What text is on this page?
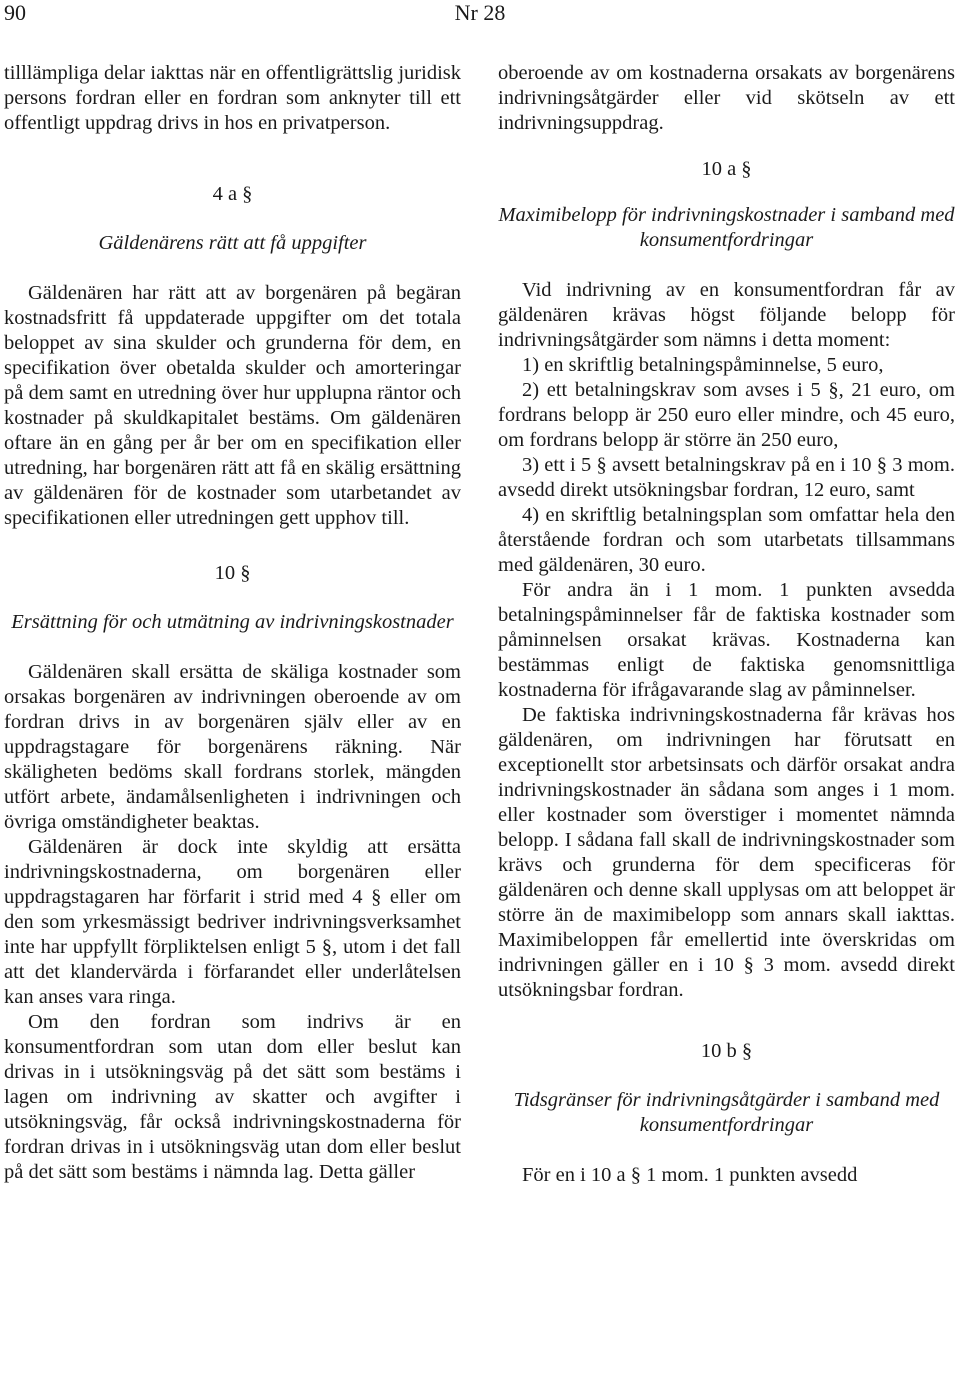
90	Nr 28

tilllämpliga delar iakttas när en offentligrättslig juridisk persons fordran eller en fordran som anknyter till ett offentligt uppdrag drivs in hos en privatperson.

4 a §

Gäldenärens rätt att få uppgifter

Gäldenären har rätt att av borgenären på begäran kostnadsfritt få uppdaterade uppgifter om det totala beloppet av sina skulder och grunderna för dem, en specifikation över obetalda skulder och amorteringar på dem samt en utredning över hur upplupna räntor och kostnader på skuldkapitalet bestäms. Om gäldenären oftare än en gång per år ber om en specifikation eller utredning, har borgenären rätt att få en skälig ersättning av gäldenären för de kostnader som utarbetandet av specifikationen eller utredningen gett upphov till.

10 §

Ersättning för och utmätning av indrivningskostnader

Gäldenären skall ersätta de skäliga kostnader som orsakas borgenären av indrivningen oberoende av om fordran drivs in av borgenären själv eller av en uppdragstagare för borgenärens räkning. När skäligheten bedöms skall fordrans storlek, mängden utfört arbete, ändamålsenligheten i indrivningen och övriga omständigheter beaktas.

Gäldenären är dock inte skyldig att ersätta indrivningskostnaderna, om borgenären eller uppdragstagaren har förfarit i strid med 4 § eller om den som yrkesmässigt bedriver indrivningsverksamhet inte har uppfyllt förpliktelsen enligt 5 §, utom i det fall att det klandervärda i förfarandet eller underlåtelsen kan anses vara ringa.

Om den fordran som indrivs är en konsumentfordran som utan dom eller beslut kan drivas in i utsökningsväg på det sätt som bestäms i lagen om indrivning av skatter och avgifter i utsökningsväg, får också indrivningskostnaderna för fordran drivas in i utsökningsväg utan dom eller beslut på det sätt som bestäms i nämnda lag. Detta gäller

oberoende av om kostnaderna orsakats av borgenärens indrivningsåtgärder eller vid skötseln av ett indrivningsuppdrag.

10 a §

Maximibelopp för indrivningskostnader i samband med konsumentfordringar

Vid indrivning av en konsumentfordran får av gäldenären krävas högst följande belopp för indrivningsåtgärder som nämns i detta moment:

1) en skriftlig betalningspåminnelse, 5 euro,

2) ett betalningskrav som avses i 5 §, 21 euro, om fordrans belopp är 250 euro eller mindre, och 45 euro, om fordrans belopp är större än 250 euro,

3) ett i 5 § avsett betalningskrav på en i 10 § 3 mom. avsedd direkt utsökningsbar fordran, 12 euro, samt

4) en skriftlig betalningsplan som omfattar hela den återstående fordran och som utarbetats tillsammans med gäldenären, 30 euro.

För andra än i 1 mom. 1 punkten avsedda betalningspåminnelser får de faktiska kostnader som påminnelsen orsakat krävas. Kostnaderna kan bestämmas enligt de faktiska genomsnittliga kostnaderna för ifrågavarande slag av påminnelser.

De faktiska indrivningskostnaderna får krävas hos gäldenären, om indrivningen har förutsatt en exceptionellt stor arbetsinsats och därför orsakat andra indrivningskostnader än sådana som anges i 1 mom. eller kostnader som överstiger i momentet nämnda belopp. I sådana fall skall de indrivningskostnader som krävs och grunderna för dem specificeras för gäldenären och denne skall upplysas om att beloppet är större än de maximibelopp som annars skall iakttas. Maximibeloppen får emellertid inte överskridas om indrivningen gäller en i 10 § 3 mom. avsedd direkt utsökningsbar fordran.

10 b §

Tidsgränser för indrivningsåtgärder i samband med konsumentfordringar

För en i 10 a § 1 mom. 1 punkten avsedd
